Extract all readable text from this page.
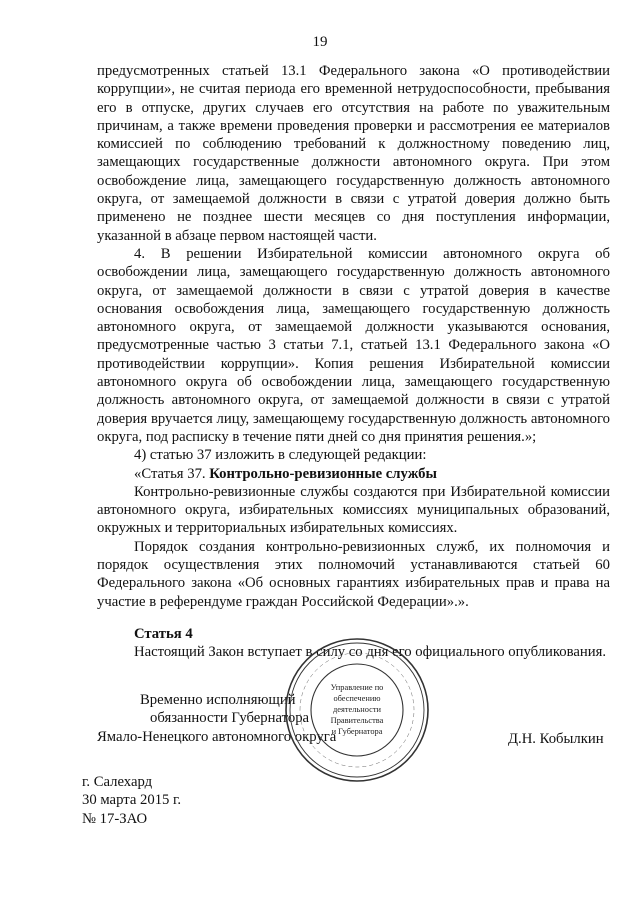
19

предусмотренных статьей 13.1 Федерального закона «О противодействии коррупции», не считая периода его временной нетрудоспособности, пребывания его в отпуске, других случаев его отсутствия на работе по уважительным причинам, а также времени проведения проверки и рассмотрения ее материалов комиссией по соблюдению требований к должностному поведению лиц, замещающих государственные должности автономного округа. При этом освобождение лица, замещающего государственную должность автономного округа, от замещаемой должности в связи с утратой доверия должно быть применено не позднее шести месяцев со дня поступления информации, указанной в абзаце первом настоящей части.

4. В решении Избирательной комиссии автономного округа об освобождении лица, замещающего государственную должность автономного округа, от замещаемой должности в связи с утратой доверия в качестве основания освобождения лица, замещающего государственную должность автономного округа, от замещаемой должности указываются основания, предусмотренные частью 3 статьи 7.1, статьей 13.1 Федерального закона «О противодействии коррупции». Копия решения Избирательной комиссии автономного округа об освобождении лица, замещающего государственную должность автономного округа, от замещаемой должности в связи с утратой доверия вручается лицу, замещающему государственную должность автономного округа, под расписку в течение пяти дней со дня принятия решения.»;

4) статью 37 изложить в следующей редакции:

«Статья 37. Контрольно-ревизионные службы

Контрольно-ревизионные службы создаются при Избирательной комиссии автономного округа, избирательных комиссиях муниципальных образований, окружных и территориальных избирательных комиссиях.

Порядок создания контрольно-ревизионных служб, их полномочия и порядок осуществления этих полномочий устанавливаются статьей 60 Федерального закона «Об основных гарантиях избирательных прав и права на участие в референдуме граждан Российской Федерации».».

Статья 4

Настоящий Закон вступает в силу со дня его официального опубликования.

Временно исполняющий
обязанности Губернатора
Ямало-Ненецкого автономного округа	Д.Н. Кобылкин
Управление по
обеспечению
деятельности
Правительства
и Губернатора
г. Салехард
30 марта 2015 г.
№ 17-ЗАО
